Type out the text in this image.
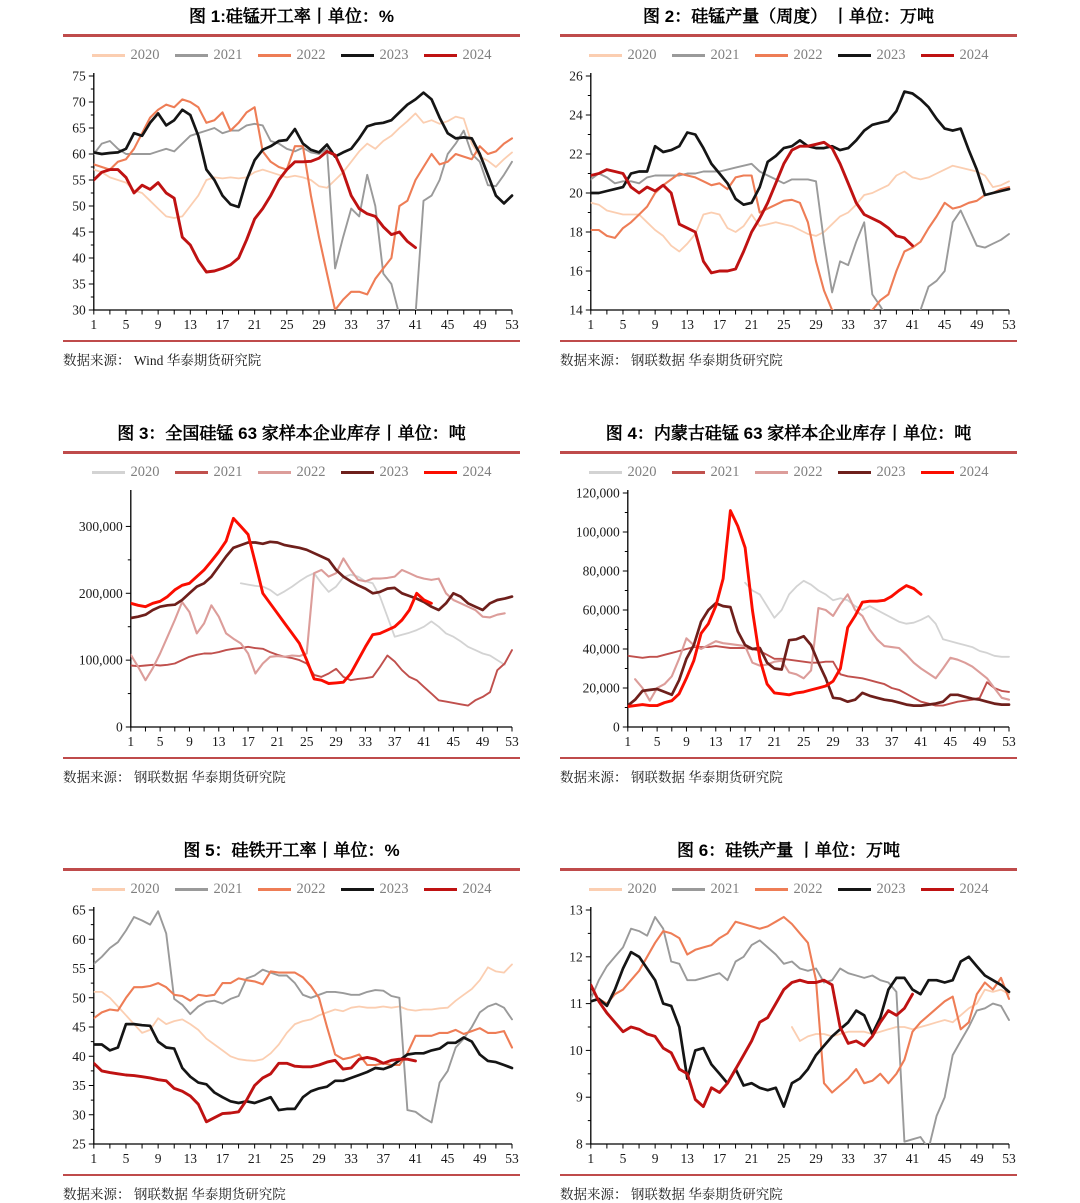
图 1:硅锰开工率丨单位：%
2020	2021	2022	2023	2024
30
35
40
45
50
55
60
65
70
75
1 5 9 13 17 21 25 29 33 37 41 45 49 53
数据来源： Wind 华泰期货研究院
图 2：硅锰产量（周度） 丨单位：万吨
2020	2021	2022	2023	2024
14
16
18
20
22
24
26
1 5 9 13 17 21 25 29 33 37 41 45 49 53
数据来源： 钢联数据 华泰期货研究院
图 3：全国硅锰 63 家样本企业库存丨单位：吨
2020	2021	2022	2023	2024
0
100,000
200,000
300,000
1 5 9 13 17 21 25 29 33 37 41 45 49 53
数据来源： 钢联数据 华泰期货研究院
图 4：内蒙古硅锰 63 家样本企业库存丨单位：吨
2020	2021	2022	2023	2024
0
20,000
40,000
60,000
80,000
100,000
120,000
1 5 9 13 17 21 25 29 33 37 41 45 49 53
数据来源： 钢联数据 华泰期货研究院
图 5：硅铁开工率丨单位：%
2020	2021	2022	2023	2024
25
30
35
40
45
50
55
60
65
1 5 9 13 17 21 25 29 33 37 41 45 49 53
数据来源： 钢联数据 华泰期货研究院
图 6：硅铁产量 丨单位：万吨
2020	2021	2022	2023	2024
8
9
10
11
12
13
1 5 9 13 17 21 25 29 33 37 41 45 49 53
数据来源： 钢联数据 华泰期货研究院
